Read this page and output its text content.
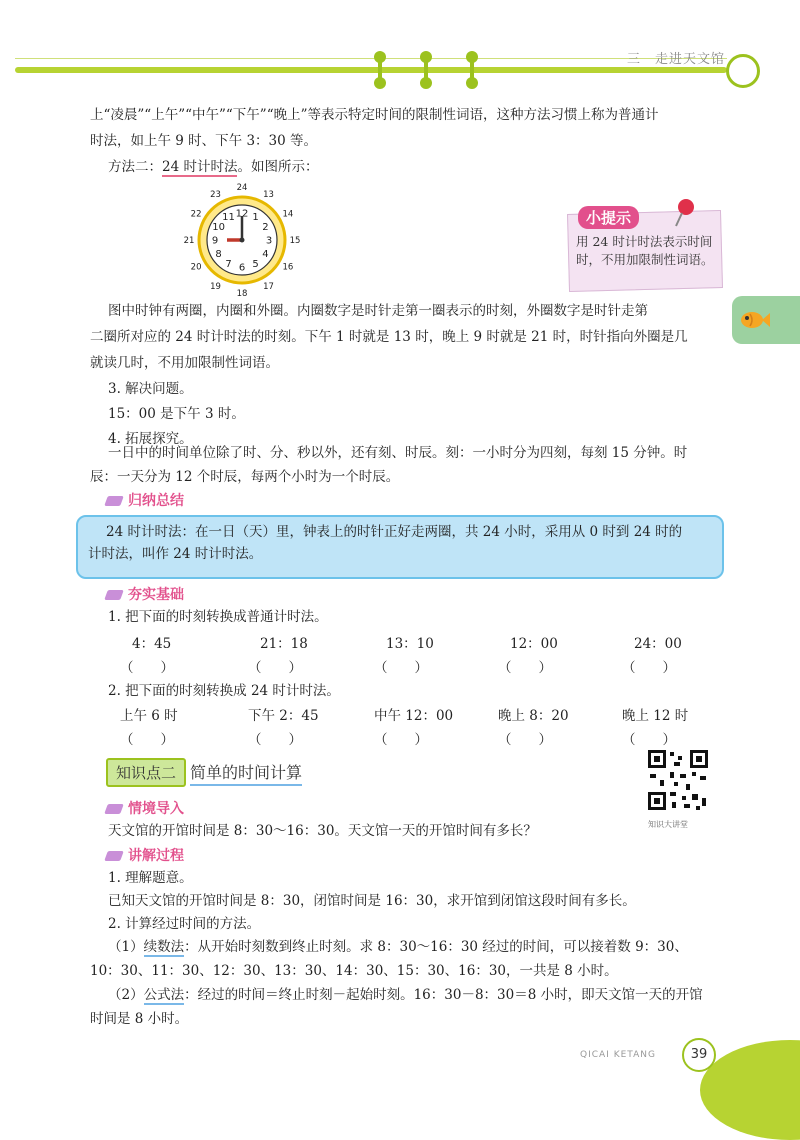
三　走进天文馆
上“凌晨”“上午”“中午”“下午”“晚上”等表示特定时间的限制性词语，这种方法习惯上称为普通计
时法，如上午 9 时、下午 3：30 等。
方法二：24 时计时法。如图所示：
12 1
2
3
4
5
6
7
8
9
10
11
24
13
14
15
16
17
18
19
20
21
22
23
小提示
用 24 时计时法表示时间时，不用加限制性词语。
图中时钟有两圈，内圈和外圈。内圈数字是时针走第一圈表示的时刻，外圈数字是时针走第
二圈所对应的 24 时计时法的时刻。下午 1 时就是 13 时，晚上 9 时就是 21 时，时针指向外圈是几
就读几时，不用加限制性词语。
3. 解决问题。
15：00 是下午 3 时。
4. 拓展探究。
一日中的时间单位除了时、分、秒以外，还有刻、时辰。刻：一小时分为四刻，每刻 15 分钟。时
辰：一天分为 12 个时辰，每两个小时为一个时辰。
归纳总结
24 时计时法：在一日（天）里，钟表上的时针正好走两圈，共 24 小时，采用从 0 时到 24 时的
计时法，叫作 24 时计时法。
夯实基础
1. 把下面的时刻转换成普通计时法。
4：45
（　　）
21：18
（　　）
13：10
（　　）
12：00
（　　）
24：00
（　　）
2. 把下面的时刻转换成 24 时计时法。
上午 6 时
（　　）
下午 2：45
（　　）
中午 12：00
（　　）
晚上 8：20
（　　）
晚上 12 时
（　　）
知识点二 简单的时间计算
知识大讲堂
情境导入
天文馆的开馆时间是 8：30～16：30。天文馆一天的开馆时间有多长？
讲解过程
1. 理解题意。
已知天文馆的开馆时间是 8：30，闭馆时间是 16：30，求开馆到闭馆这段时间有多长。
2. 计算经过时间的方法。
（1）续数法：从开始时刻数到终止时刻。求 8：30～16：30 经过的时间，可以接着数 9：30、
10：30、11：30、12：30、13：30、14：30、15：30、16：30，一共是 8 小时。
（2）公式法：经过的时间＝终止时刻－起始时刻。16：30－8：30＝8 小时，即天文馆一天的开馆
时间是 8 小时。
QICAI KETANG	39
